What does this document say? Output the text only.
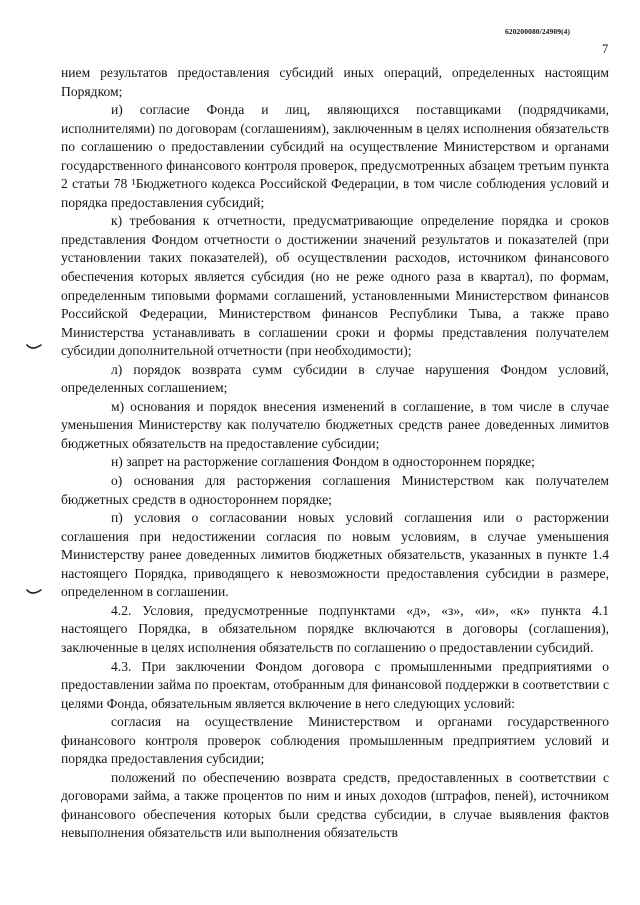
620200080/24909(4)
7

нием результатов предоставления субсидий иных операций, определенных настоящим Порядком;

и) согласие Фонда и лиц, являющихся поставщиками (подрядчиками, исполнителями) по договорам (соглашениям), заключенным в целях исполнения обязательств по соглашению о предоставлении субсидий на осуществление Министерством и органами государственного финансового контроля проверок, предусмотренных абзацем третьим пункта 2 статьи 78 ¹Бюджетного кодекса Российской Федерации, в том числе соблюдения условий и порядка предоставления субсидий;

к) требования к отчетности, предусматривающие определение порядка и сроков представления Фондом отчетности о достижении значений результатов и показателей (при установлении таких показателей), об осуществлении расходов, источником финансового обеспечения которых является субсидия (но не реже одного раза в квартал), по формам, определенным типовыми формами соглашений, установленными Министерством финансов Российской Федерации, Министерством финансов Республики Тыва, а также право Министерства устанавливать в соглашении сроки и формы представления получателем субсидии дополнительной отчетности (при необходимости);

л) порядок возврата сумм субсидии в случае нарушения Фондом условий, определенных соглашением;

м) основания и порядок внесения изменений в соглашение, в том числе в случае уменьшения Министерству как получателю бюджетных средств ранее доведенных лимитов бюджетных обязательств на предоставление субсидии;

н) запрет на расторжение соглашения Фондом в одностороннем порядке;

о) основания для расторжения соглашения Министерством как получателем бюджетных средств в одностороннем порядке;

п) условия о согласовании новых условий соглашения или о расторжении соглашения при недостижении согласия по новым условиям, в случае уменьшения Министерству ранее доведенных лимитов бюджетных обязательств, указанных в пункте 1.4 настоящего Порядка, приводящего к невозможности предоставления субсидии в размере, определенном в соглашении.

4.2. Условия, предусмотренные подпунктами «д», «з», «и», «к» пункта 4.1 настоящего Порядка, в обязательном порядке включаются в договоры (соглашения), заключенные в целях исполнения обязательств по соглашению о предоставлении субсидий.

4.3. При заключении Фондом договора с промышленными предприятиями о предоставлении займа по проектам, отобранным для финансовой поддержки в соответствии с целями Фонда, обязательным является включение в него следующих условий:

согласия на осуществление Министерством и органами государственного финансового контроля проверок соблюдения промышленным предприятием условий и порядка предоставления субсидии;

положений по обеспечению возврата средств, предоставленных в соответствии с договорами займа, а также процентов по ним и иных доходов (штрафов, пеней), источником финансового обеспечения которых были средства субсидии, в случае выявления фактов невыполнения обязательств или выполнения обязательств
